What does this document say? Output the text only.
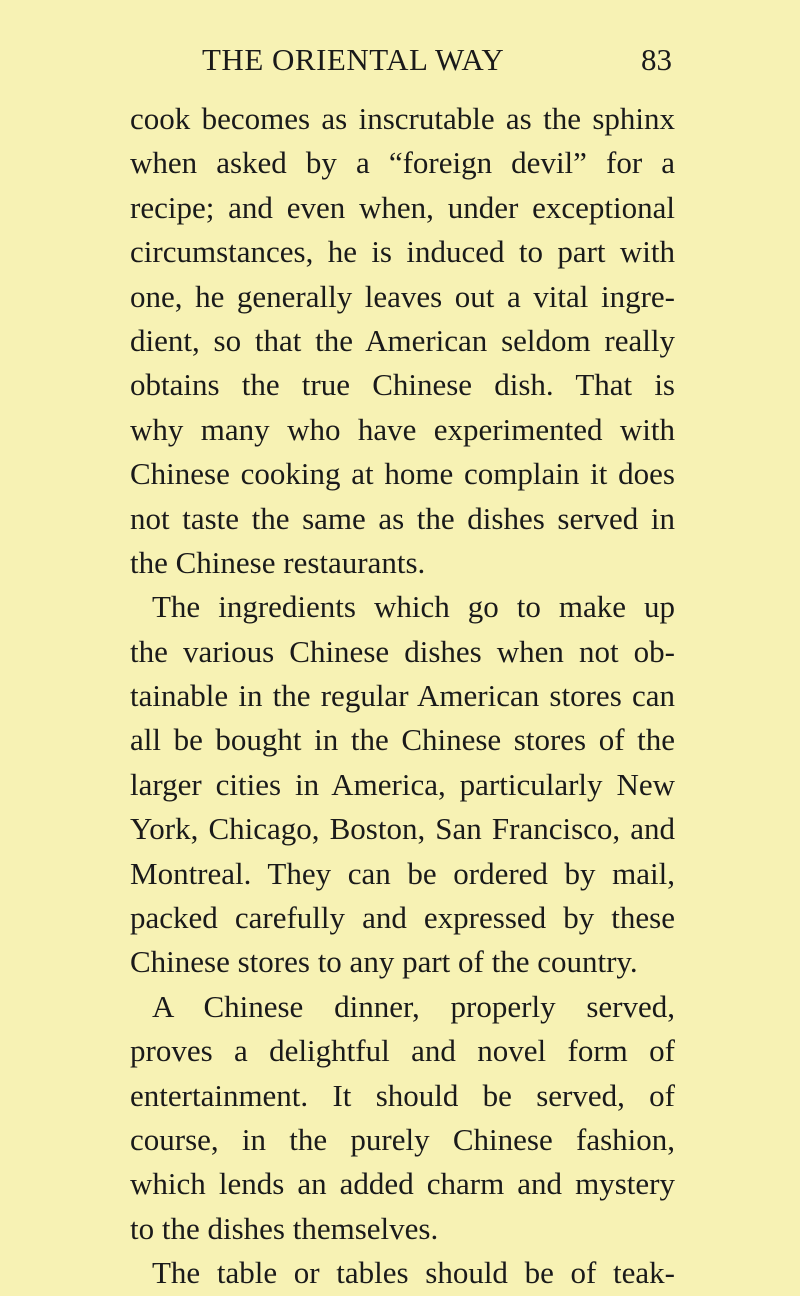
THE ORIENTAL WAY	83
cook becomes as inscrutable as the sphinx
when asked by a “foreign devil” for a
recipe; and even when, under exceptional
circumstances, he is induced to part with
one, he generally leaves out a vital ingre-
dient, so that the American seldom really
obtains the true Chinese dish. That is
why many who have experimented with
Chinese cooking at home complain it does
not taste the same as the dishes served in
the Chinese restaurants.
The ingredients which go to make up
the various Chinese dishes when not ob-
tainable in the regular American stores can
all be bought in the Chinese stores of the
larger cities in America, particularly New
York, Chicago, Boston, San Francisco, and
Montreal. They can be ordered by mail,
packed carefully and expressed by these
Chinese stores to any part of the country.
A Chinese dinner, properly served,
proves a delightful and novel form of
entertainment. It should be served, of
course, in the purely Chinese fashion,
which lends an added charm and mystery
to the dishes themselves.
The table or tables should be of teak-
